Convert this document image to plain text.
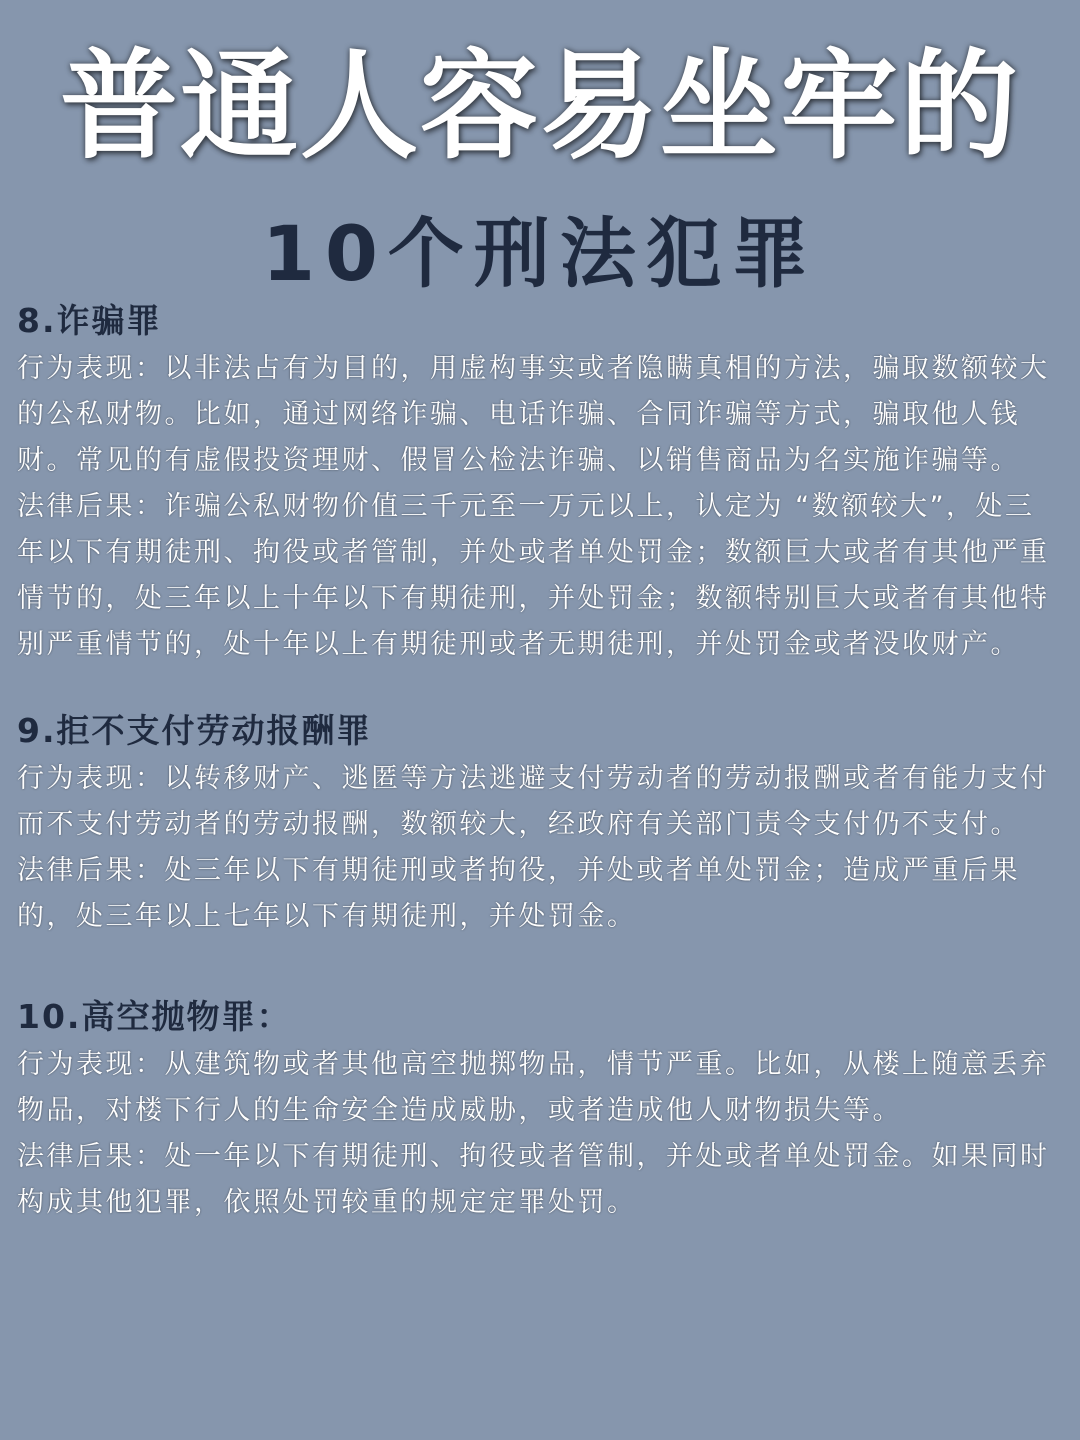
普通人容易坐牢的
10个刑法犯罪
8.诈骗罪

行为表现：以非法占有为目的，用虚构事实或者隐瞒真相的方法，骗取数额较大的公私财物。比如，通过网络诈骗、电话诈骗、合同诈骗等方式，骗取他人钱财。常见的有虚假投资理财、假冒公检法诈骗、以销售商品为名实施诈骗等。

法律后果：诈骗公私财物价值三千元至一万元以上，认定为 “数额较大”，处三年以下有期徒刑、拘役或者管制，并处或者单处罚金；数额巨大或者有其他严重情节的，处三年以上十年以下有期徒刑，并处罚金；数额特别巨大或者有其他特别严重情节的，处十年以上有期徒刑或者无期徒刑，并处罚金或者没收财产。

9.拒不支付劳动报酬罪

行为表现：以转移财产、逃匿等方法逃避支付劳动者的劳动报酬或者有能力支付而不支付劳动者的劳动报酬，数额较大，经政府有关部门责令支付仍不支付。

法律后果：处三年以下有期徒刑或者拘役，并处或者单处罚金；造成严重后果的，处三年以上七年以下有期徒刑，并处罚金。

10.高空抛物罪：

行为表现：从建筑物或者其他高空抛掷物品，情节严重。比如，从楼上随意丢弃物品，对楼下行人的生命安全造成威胁，或者造成他人财物损失等。

法律后果：处一年以下有期徒刑、拘役或者管制，并处或者单处罚金。如果同时构成其他犯罪，依照处罚较重的规定定罪处罚。
